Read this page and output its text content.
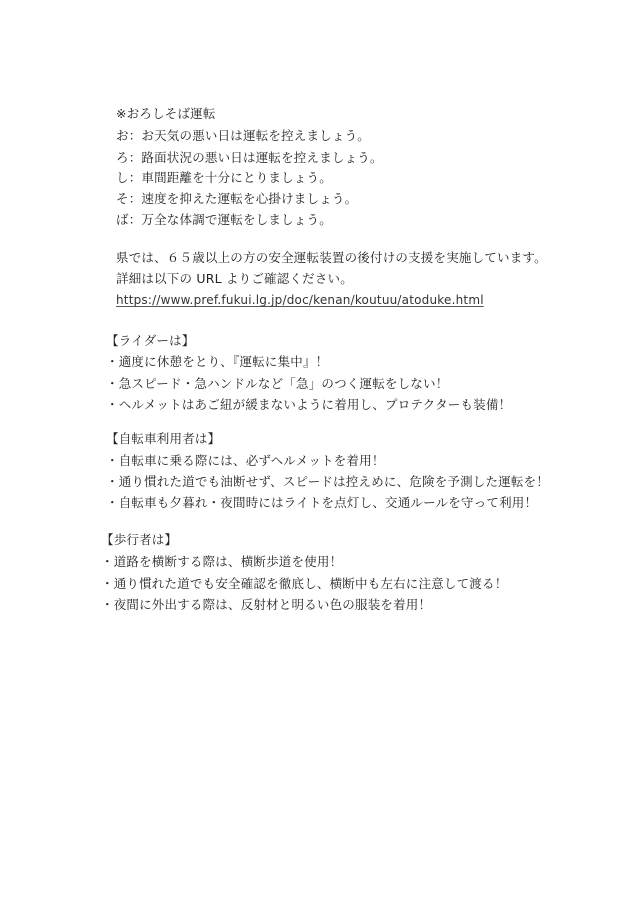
※おろしそば運転
お：お天気の悪い日は運転を控えましょう。
ろ：路面状況の悪い日は運転を控えましょう。
し：車間距離を十分にとりましょう。
そ：速度を抑えた運転を心掛けましょう。
ば：万全な体調で運転をしましょう。
県では、６５歳以上の方の安全運転装置の後付けの支援を実施しています。
詳細は以下の URL よりご確認ください。
https://www.pref.fukui.lg.jp/doc/kenan/koutuu/atoduke.html
【ライダーは】
・適度に休憩をとり、『運転に集中』！
・急スピード・急ハンドルなど「急」のつく運転をしない！
・ヘルメットはあご紐が緩まないように着用し、プロテクターも装備！
【自転車利用者は】
・自転車に乗る際には、必ずヘルメットを着用！
・通り慣れた道でも油断せず、スピードは控えめに、危険を予測した運転を！
・自転車も夕暮れ・夜間時にはライトを点灯し、交通ルールを守って利用！
【歩行者は】
・道路を横断する際は、横断歩道を使用！
・通り慣れた道でも安全確認を徹底し、横断中も左右に注意して渡る！
・夜間に外出する際は、反射材と明るい色の服装を着用！
